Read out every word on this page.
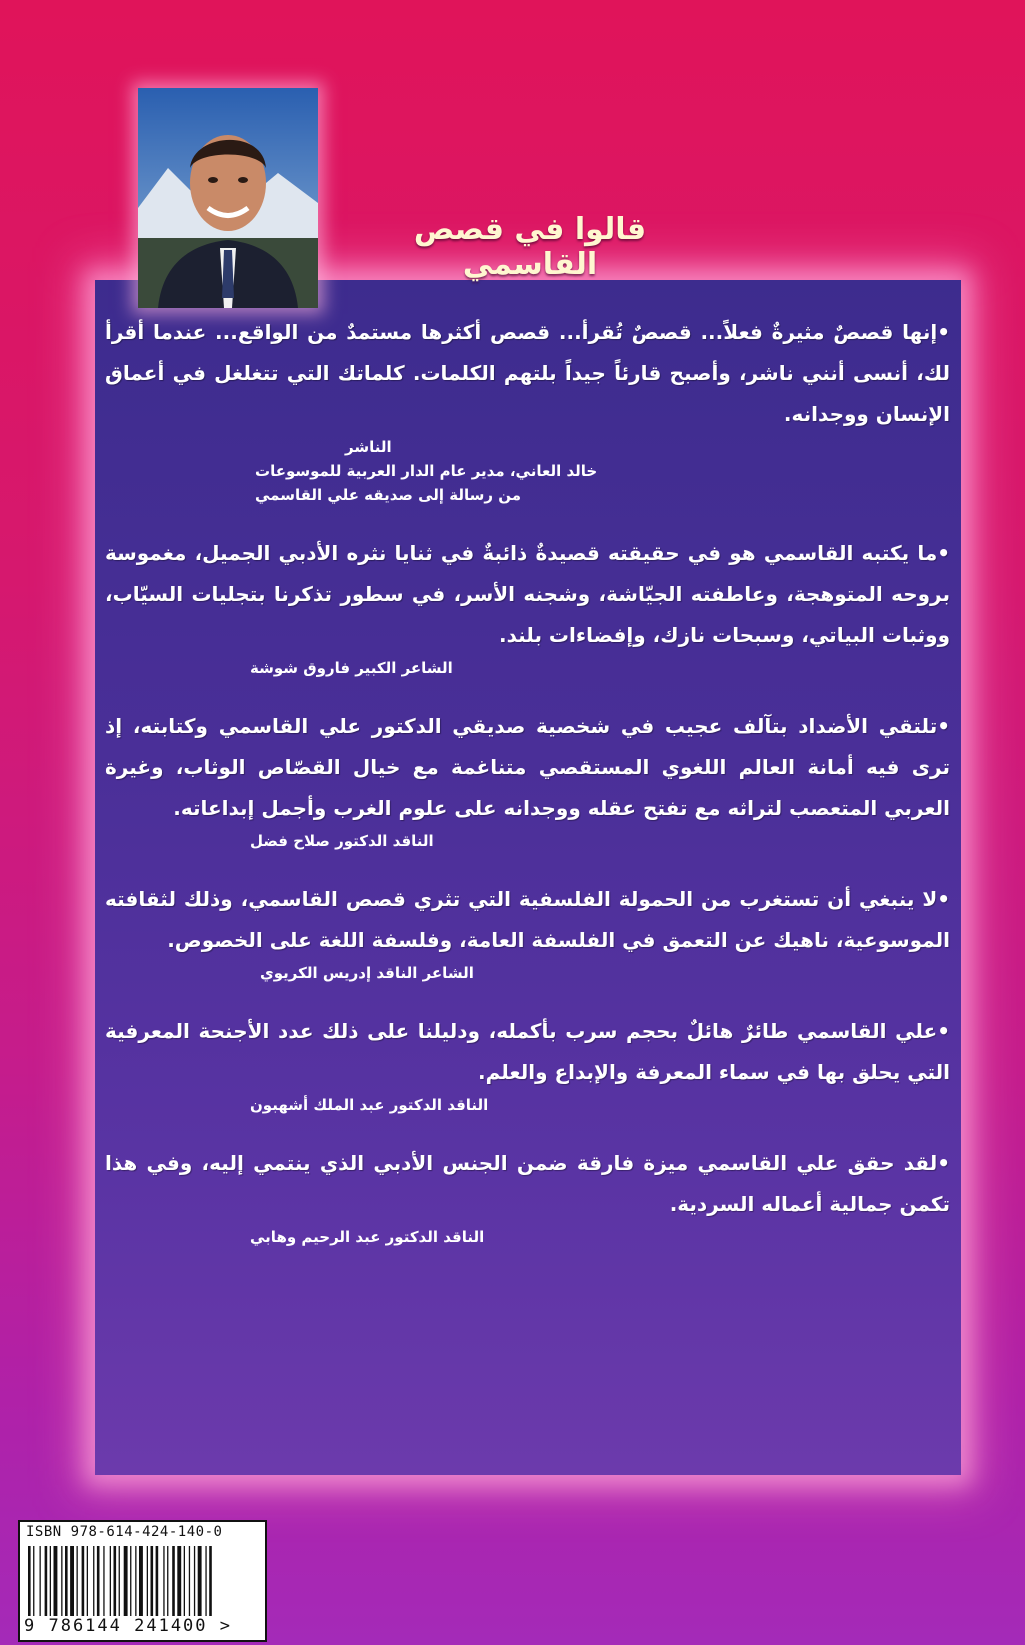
قالوا في قصص القاسمي
•إنها قصصٌ مثيرةٌ فعلاً... قصصٌ تُقرأ... قصص أكثرها مستمدٌ من الواقع... عندما أقرأ لك، أنسى أنني ناشر، وأصبح قارئاً جيداً بلتهم الكلمات. كلماتك التي تتغلغل في أعماق الإنسان ووجدانه.
الناشر
خالد العاني، مدير عام الدار العربية للموسوعات
من رسالة إلى صديقه علي القاسمي
•ما يكتبه القاسمي هو في حقيقته قصيدةٌ ذائبةٌ في ثنايا نثره الأدبي الجميل، مغموسة بروحه المتوهجة، وعاطفته الجيّاشة، وشجنه الأسر، في سطور تذكرنا بتجليات السيّاب، ووثبات البياتي، وسبحات نازك، وإفضاءات بلند.
الشاعر الكبير فاروق شوشة
•تلتقي الأضداد بتآلف عجيب في شخصية صديقي الدكتور علي القاسمي وكتابته، إذ ترى فيه أمانة العالم اللغوي المستقصي متناغمة مع خيال القصّاص الوثاب، وغيرة العربي المتعصب لتراثه مع تفتح عقله ووجدانه على علوم الغرب وأجمل إبداعاته.
الناقد الدكتور صلاح فضل
•لا ينبغي أن تستغرب من الحمولة الفلسفية التي تثري قصص القاسمي، وذلك لثقافته الموسوعية، ناهيك عن التعمق في الفلسفة العامة، وفلسفة اللغة على الخصوص.
الشاعر الناقد إدريس الكريوي
•علي القاسمي طائرٌ هائلٌ بحجم سرب بأكمله، ودليلنا على ذلك عدد الأجنحة المعرفية التي يحلق بها في سماء المعرفة والإبداع والعلم.
الناقد الدكتور عبد الملك أشهبون
•لقد حقق علي القاسمي ميزة فارقة ضمن الجنس الأدبي الذي ينتمي إليه، وفي هذا تكمن جمالية أعماله السردية.
الناقد الدكتور عبد الرحيم وهابي
ISBN 978-614-424-140-0
9 786144 241400 >
